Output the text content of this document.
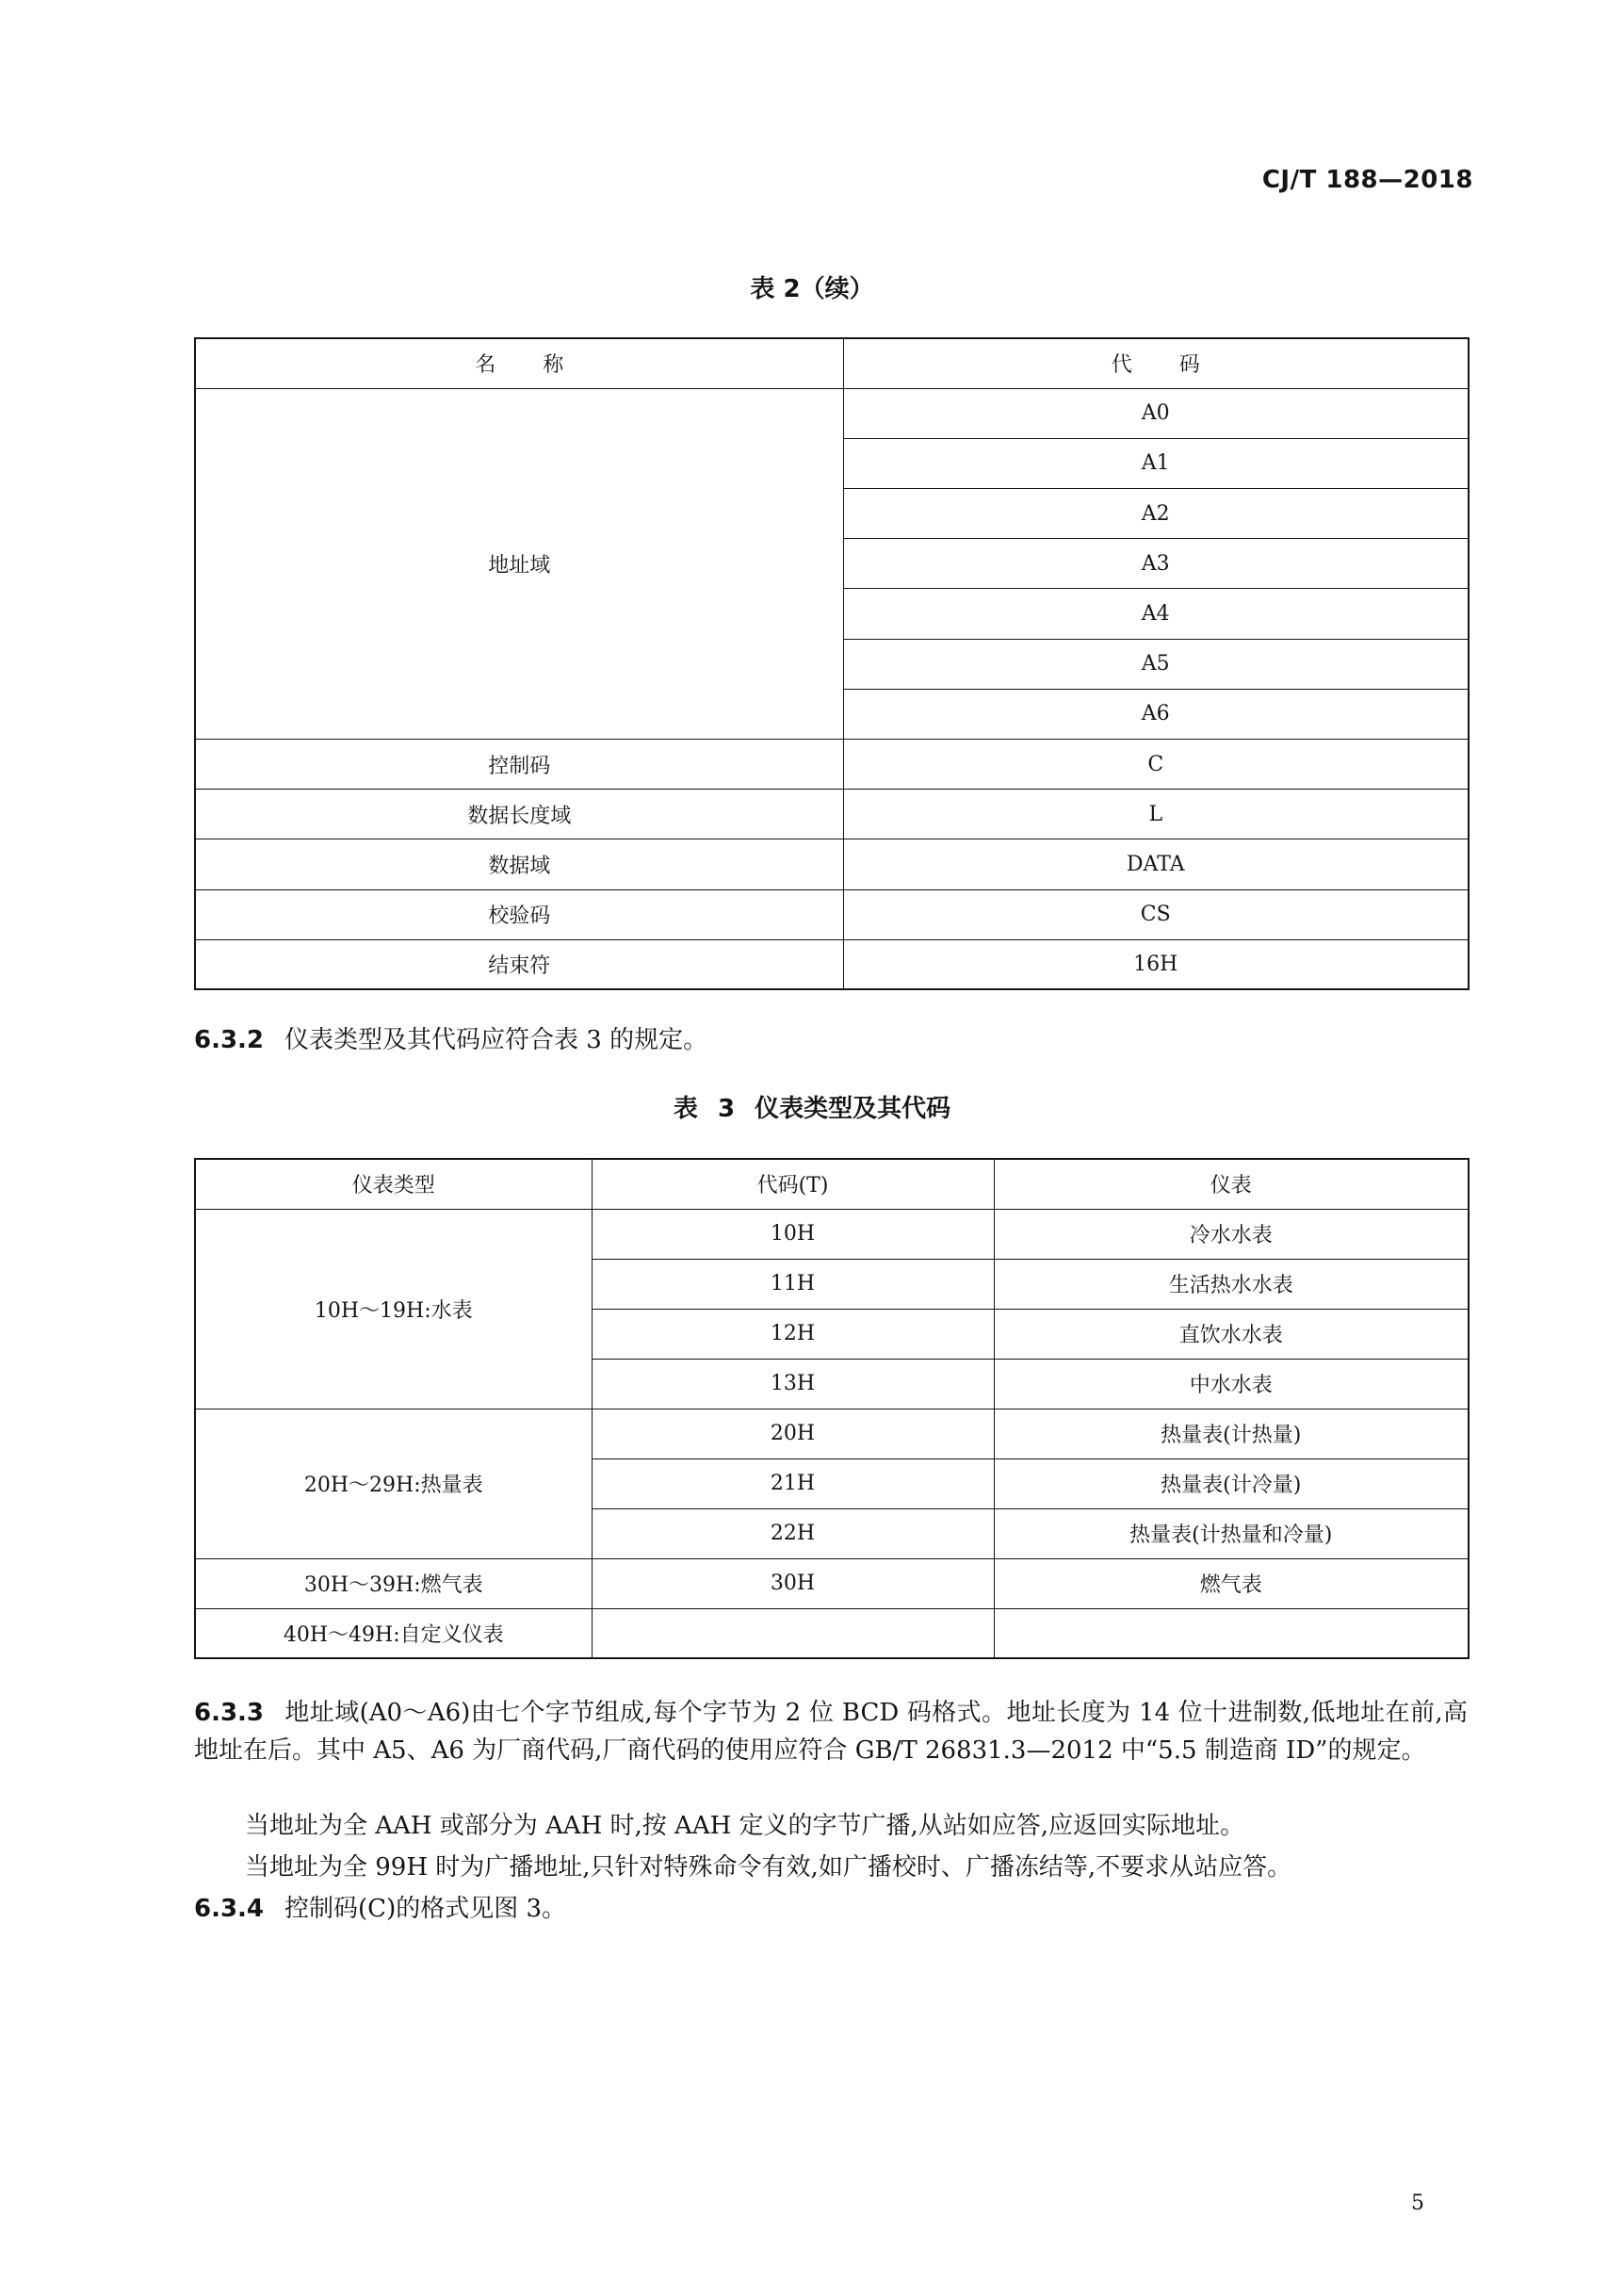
CJ/T 188—2018
表 2（续）
名称	代码
地址域	A0
	A1
	A2
	A3
	A4
	A5
	A6
控制码	C
数据长度域	L
数据域	DATA
校验码	CS
结束符	16H
6.3.2 仪表类型及其代码应符合表 3 的规定。
表 3 仪表类型及其代码
仪表类型	代码(T)	仪表
10H～19H:水表	10H	冷水水表
	11H	生活热水水表
	12H	直饮水水表
	13H	中水水表
20H～29H:热量表	20H	热量表(计热量)
	21H	热量表(计冷量)
	22H	热量表(计热量和冷量)
30H～39H:燃气表	30H	燃气表
40H～49H:自定义仪表		
6.3.3 地址域(A0～A6)由七个字节组成,每个字节为 2 位 BCD 码格式。地址长度为 14 位十进制数,低地址在前,高地址在后。其中 A5、A6 为厂商代码,厂商代码的使用应符合 GB/T 26831.3—2012 中“5.5 制造商 ID”的规定。
当地址为全 AAH 或部分为 AAH 时,按 AAH 定义的字节广播,从站如应答,应返回实际地址。
当地址为全 99H 时为广播地址,只针对特殊命令有效,如广播校时、广播冻结等,不要求从站应答。
6.3.4 控制码(C)的格式见图 3。
5
